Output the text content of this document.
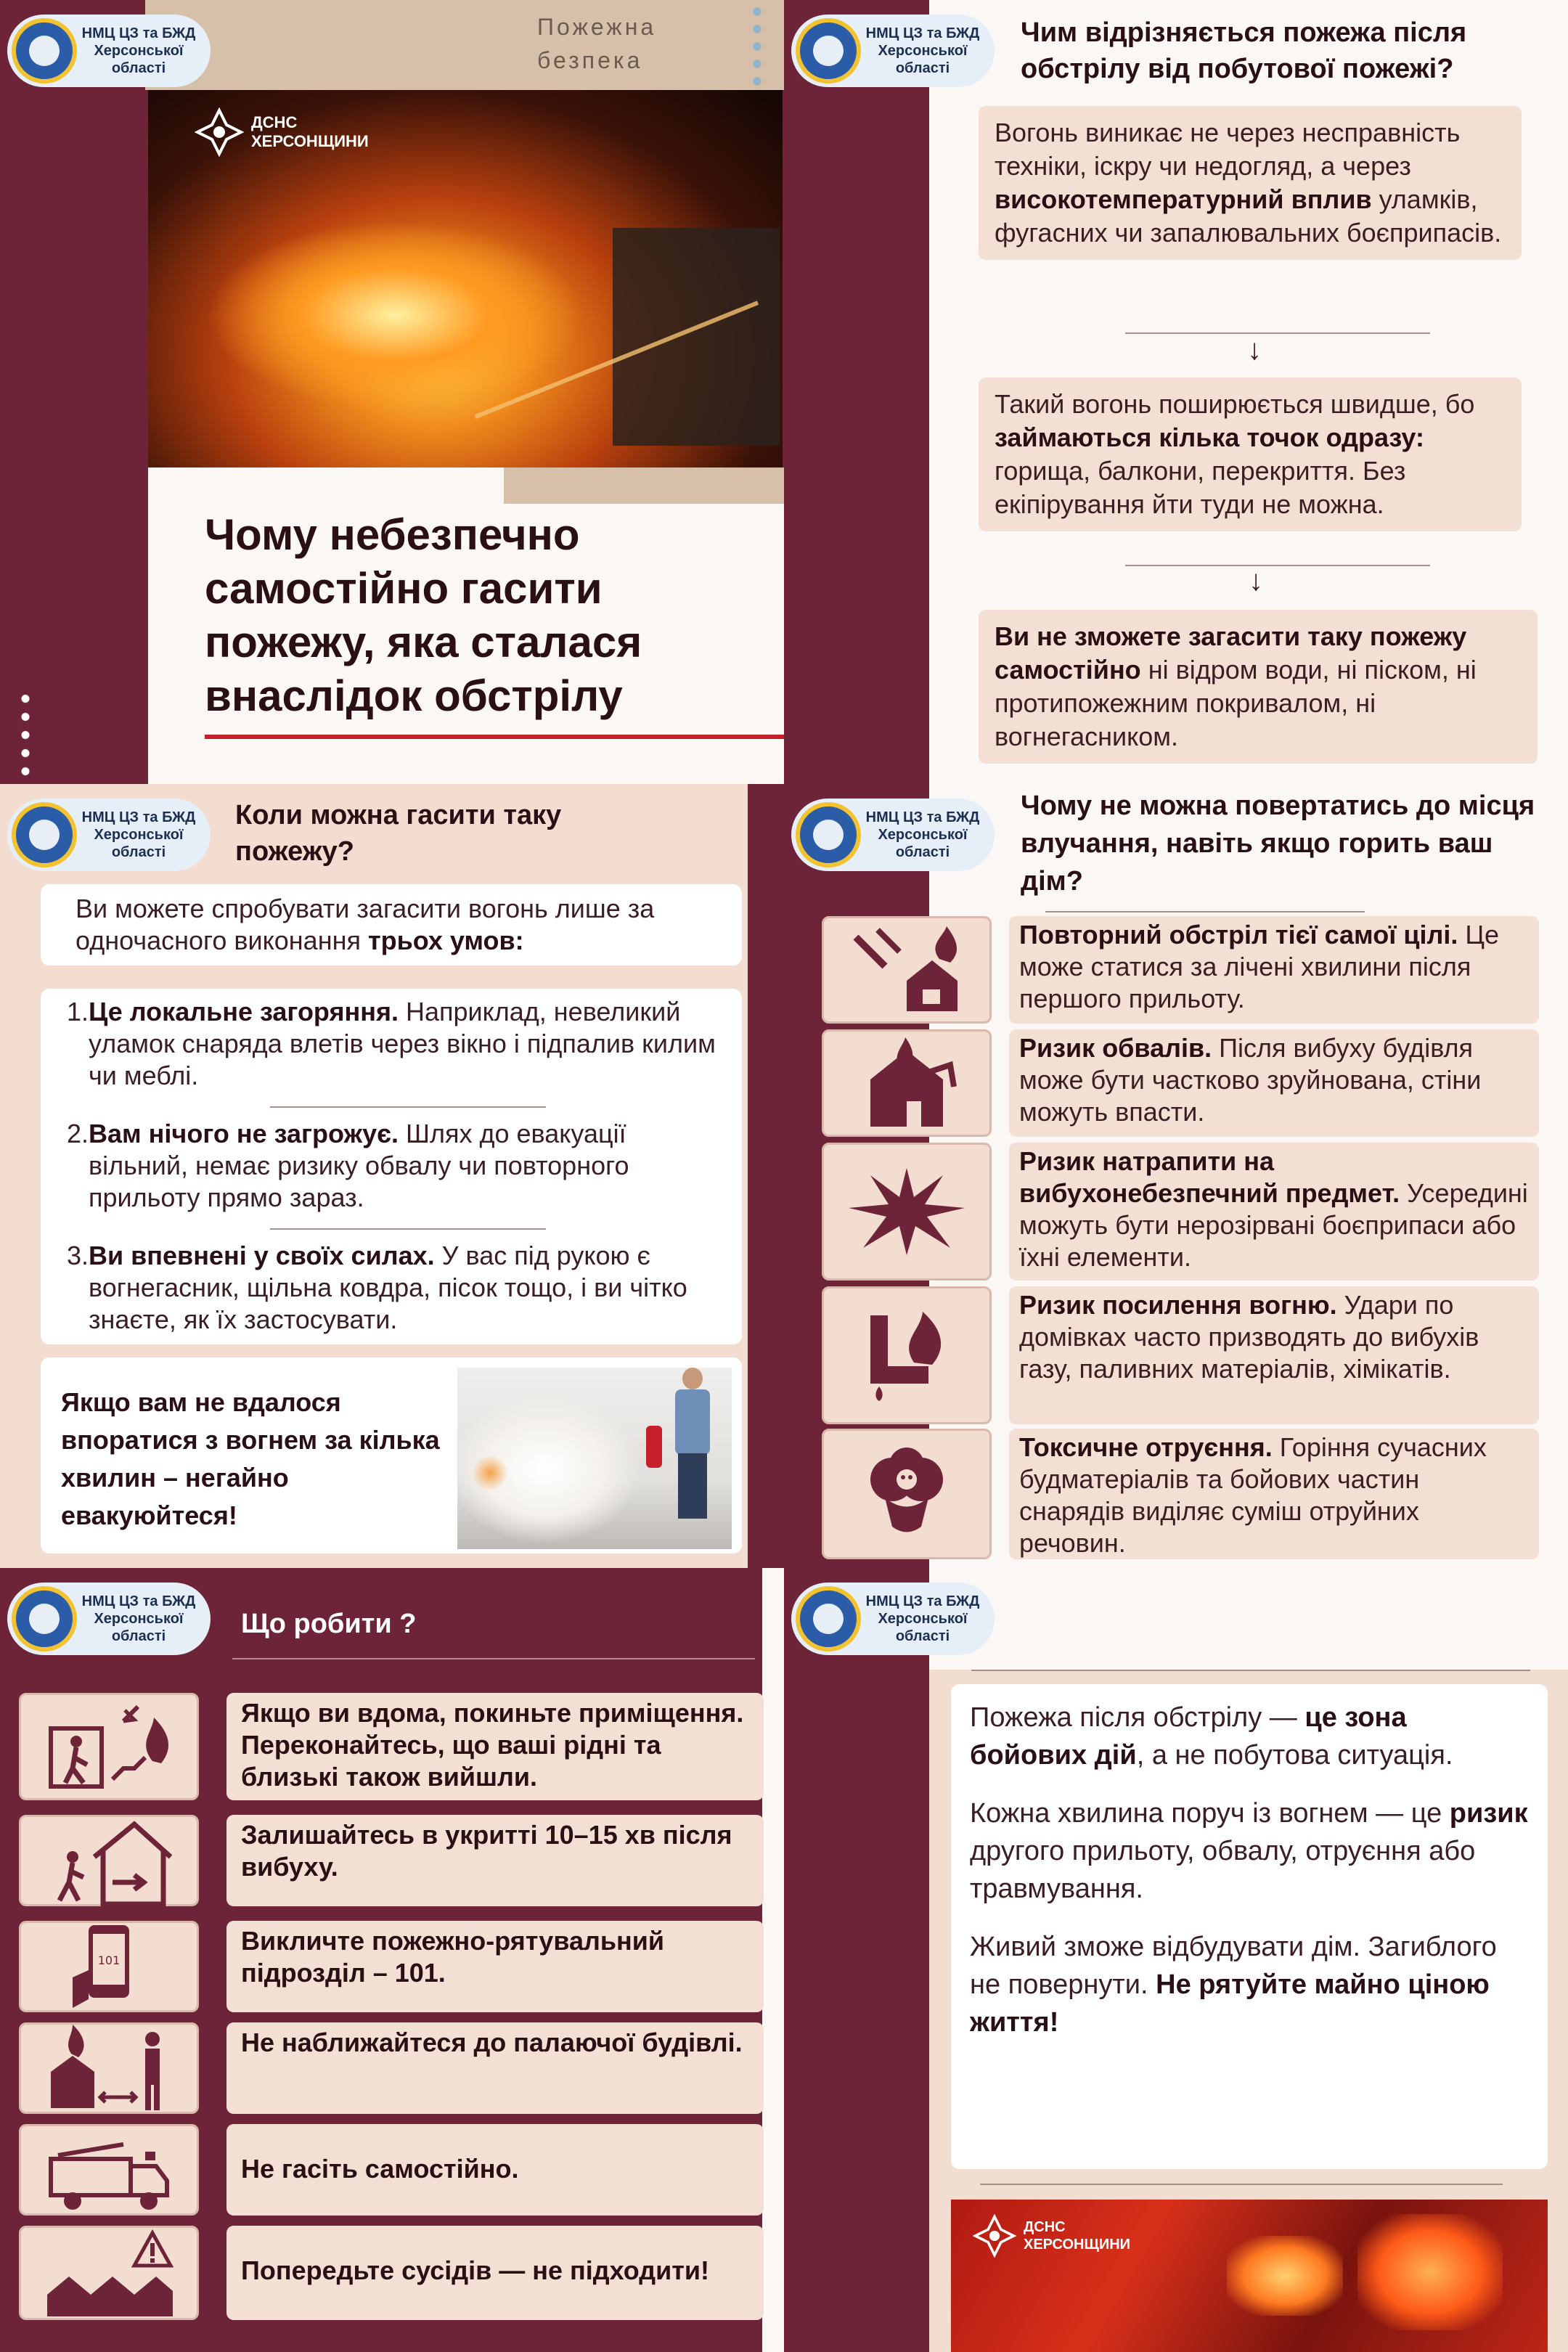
Пожежна
безпека
НМЦ ЦЗ та БЖД
Херсонської
області
ДСНС
ХЕРСОНЩИНИ
Чому небезпечно самостійно гасити пожежу, яка сталася внаслідок обстрілу
НМЦ ЦЗ та БЖД
Херсонської
області
Чим відрізняється пожежа після обстрілу від побутової пожежі?
Вогонь виникає не через несправність техніки, іскру чи недогляд, а через високотемпературний вплив уламків, фугасних чи запалювальних боєприпасів.
↓
Такий вогонь поширюється швидше, бо займаються кілька точок одразу: горища, балкони, перекриття. Без екіпірування йти туди не можна.
↓
Ви не зможете загасити таку пожежу самостійно ні відром води, ні піском, ні протипожежним покривалом, ні вогнегасником.
НМЦ ЦЗ та БЖД
Херсонської
області
Коли можна гасити таку пожежу?
Ви можете спробувати загасити вогонь лише за одночасного виконання трьох умов:
1. Це локальне загоряння. Наприклад, невеликий уламок снаряда влетів через вікно і підпалив килим чи меблі.
2. Вам нічого не загрожує. Шлях до евакуації вільний, немає ризику обвалу чи повторного прильоту прямо зараз.
3. Ви впевнені у своїх силах. У вас під рукою є вогнегасник, щільна ковдра, пісок тощо, і ви чітко знаєте, як їх застосувати.
Якщо вам не вдалося впоратися з вогнем за кілька хвилин – негайно евакуюйтеся!
НМЦ ЦЗ та БЖД
Херсонської
області
Чому не можна повертатись до місця влучання, навіть якщо горить ваш дім?
Повторний обстріл тієї самої цілі. Це може статися за лічені хвилини після першого прильоту.
Ризик обвалів. Після вибуху будівля може бути частково зруйнована, стіни можуть впасти.
Ризик натрапити на вибухонебезпечний предмет. Усередині можуть бути нерозірвані боєприпаси або їхні елементи.
Ризик посилення вогню. Удари по домівках часто призводять до вибухів газу, паливних матеріалів, хімікатів.
Токсичне отруєння. Горіння сучасних будматеріалів та бойових частин снарядів виділяє суміш отруйних речовин.
НМЦ ЦЗ та БЖД
Херсонської
області	Що робити ?
Якщо ви вдома, покиньте приміщення. Переконайтесь, що ваші рідні та близькі також вийшли.
Залишайтесь в укритті 10–15 хв після вибуху.
101
Викличте пожежно-рятувальний підрозділ – 101.
Не наближайтеся до палаючої будівлі.
Не гасіть самостійно.
Попередьте сусідів — не підходити!
НМЦ ЦЗ та БЖД
Херсонської
області

Пожежа після обстрілу — це зона бойових дій, а не побутова ситуація.

Кожна хвилина поруч із вогнем — це ризик другого прильоту, обвалу, отруєння або травмування.

Живий зможе відбудувати дім. Загиблого не повернути. Не рятуйте майно ціною життя!

ДСНС
ХЕРСОНЩИНИ
